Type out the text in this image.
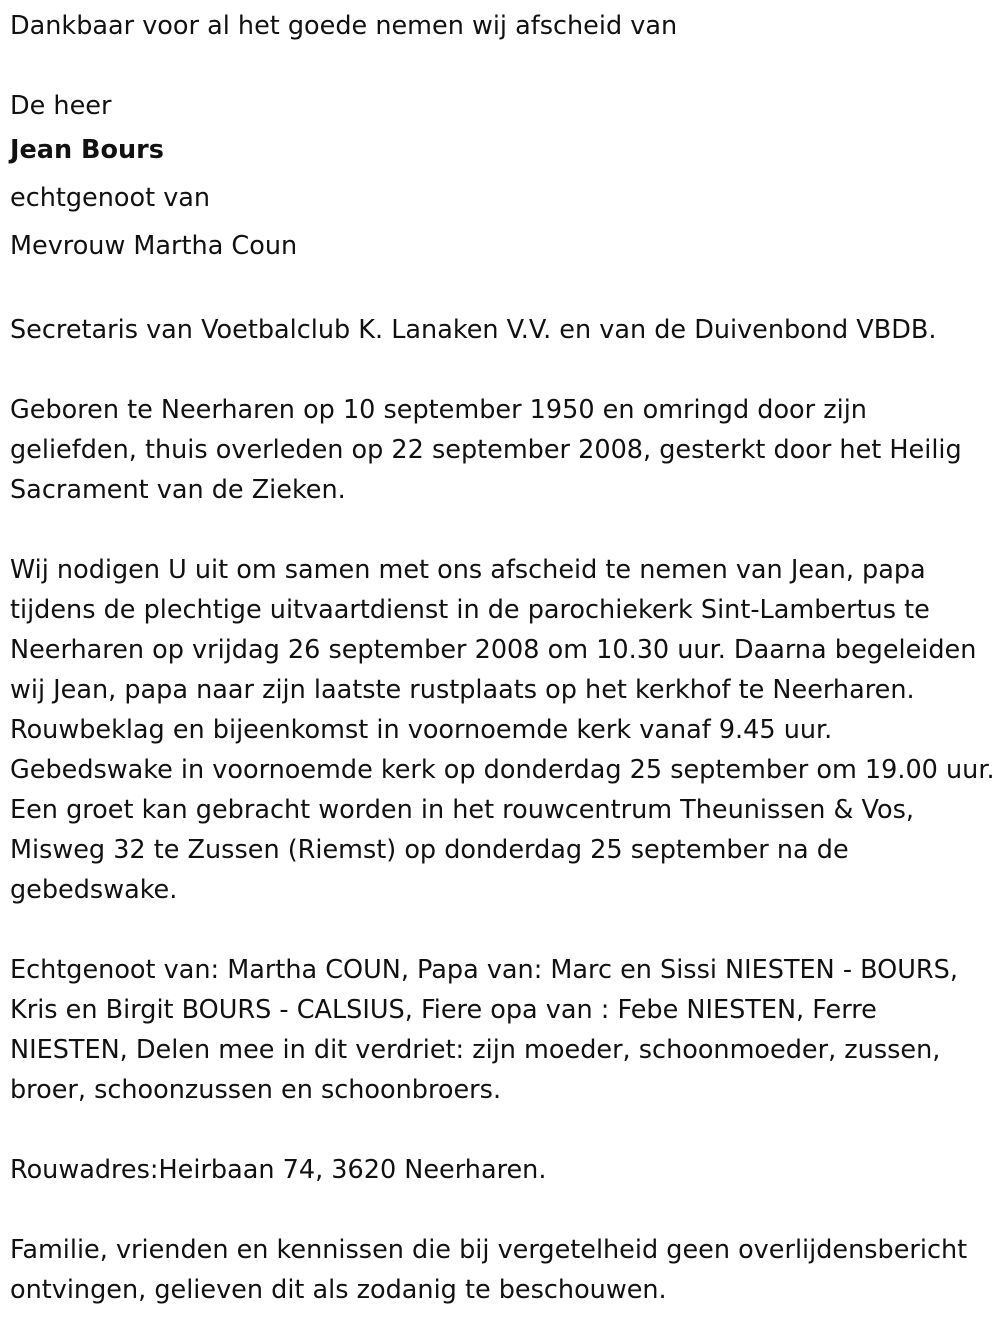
Dankbaar voor al het goede nemen wij afscheid van

De heer

Jean Bours

echtgenoot van

Mevrouw Martha Coun

Secretaris van Voetbalclub K. Lanaken V.V. en van de Duivenbond VBDB.

Geboren te Neerharen op 10 september 1950 en omringd door zijn geliefden, thuis overleden op 22 september 2008, gesterkt door het Heilig Sacrament van de Zieken.

Wij nodigen U uit om samen met ons afscheid te nemen van Jean, papa tijdens de plechtige uitvaartdienst in de parochiekerk Sint-Lambertus te Neerharen op vrijdag 26 september 2008 om 10.30 uur. Daarna begeleiden wij Jean, papa naar zijn laatste rustplaats op het kerkhof te Neerharen. Rouwbeklag en bijeenkomst in voornoemde kerk vanaf 9.45 uur. Gebedswake in voornoemde kerk op donderdag 25 september om 19.00 uur. Een groet kan gebracht worden in het rouwcentrum Theunissen & Vos, Misweg 32 te Zussen (Riemst) op donderdag 25 september na de gebedswake.

Echtgenoot van: Martha COUN, Papa van: Marc en Sissi NIESTEN - BOURS, Kris en Birgit BOURS - CALSIUS, Fiere opa van : Febe NIESTEN, Ferre NIESTEN, Delen mee in dit verdriet: zijn moeder, schoonmoeder, zussen, broer, schoonzussen en schoonbroers.

Rouwadres:Heirbaan 74, 3620 Neerharen.

Familie, vrienden en kennissen die bij vergetelheid geen overlijdensbericht ontvingen, gelieven dit als zodanig te beschouwen.
